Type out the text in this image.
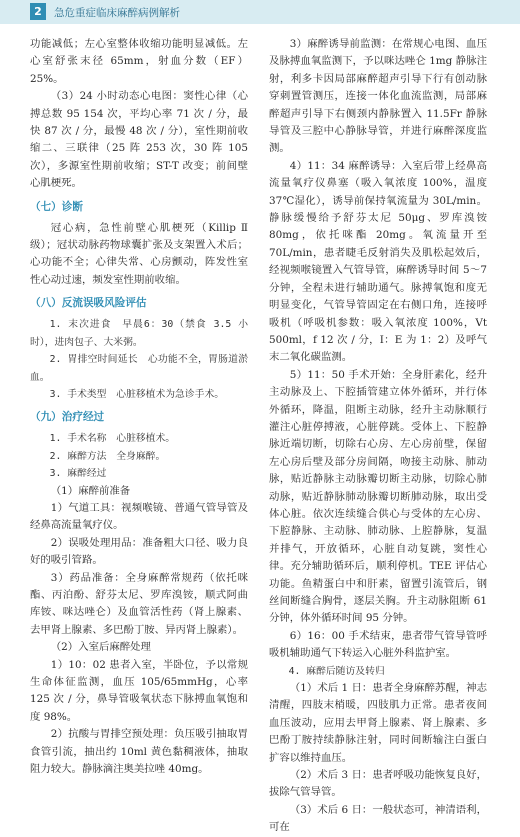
2	急危重症临床麻醉病例解析

功能减低；左心室整体收缩功能明显减低。左心室舒张末径 65mm，射血分数（EF）25%。

（3）24 小时动态心电图：窦性心律（心搏总数 95 154 次，平均心率 71 次 / 分，最快 87 次 / 分，最慢 48 次 / 分），室性期前收缩二、三联律（25 阵 253 次，30 阵 105 次），多源室性期前收缩；ST-T 改变；前间壁心肌梗死。

（七）诊断

冠心病，急性前壁心肌梗死（Killip Ⅱ级）；冠状动脉药物球囊扩张及支架置入术后；心功能不全；心律失常、心房颤动，阵发性室性心动过速，频发室性期前收缩。

（八）反流误吸风险评估

1. 末次进食　早晨6：30（禁食 3.5 小时），进肉包子、大米粥。

2. 胃排空时间延长　心功能不全，胃肠道淤血。

3. 手术类型　心脏移植术为急诊手术。

（九）治疗经过

1. 手术名称　心脏移植术。

2. 麻醉方法　全身麻醉。

3. 麻醉经过

（1）麻醉前准备

1）气道工具：视频喉镜、普通气管导管及经鼻高流量氧疗仪。

2）误吸处理用品：准备粗大口径、吸力良好的吸引管路。

3）药品准备：全身麻醉常规药（依托咪酯、丙泊酚、舒芬太尼、罗库溴铵，顺式阿曲库铵、咪达唑仑）及血管活性药（肾上腺素、去甲肾上腺素、多巴酚丁胺、异丙肾上腺素）。

（2）入室后麻醉处理

1）10：02 患者入室，半卧位，予以常规生命体征监测，血压 105/65mmHg，心率 125 次 / 分，鼻导管吸氧状态下脉搏血氧饱和度 98%。

2）抗酸与胃排空预处理：负压吸引抽取胃食管引流，抽出约 10ml 黄色黏稠液体，抽取阻力较大。静脉滴注奥美拉唑 40mg。

3）麻醉诱导前监测：在常规心电图、血压及脉搏血氧监测下，予以咪达唑仑 1mg 静脉注射，利多卡因局部麻醉超声引导下行有创动脉穿刺置管测压，连接一体化血流监测，局部麻醉超声引导下右侧颈内静脉置入 11.5Fr 静脉导管及三腔中心静脉导管，并进行麻醉深度监测。

4）11：34 麻醉诱导：入室后带上经鼻高流量氧疗仪鼻塞（吸入氧浓度 100%，温度 37℃湿化），诱导前保持氧流量为 30L/min。静脉缓慢给予舒芬太尼 50μg、罗库溴铵 80mg，依托咪酯 20mg。氧流量开至 70L/min，患者睫毛反射消失及肌松起效后，经视频喉镜置入气管导管，麻醉诱导时间 5～7 分钟，全程未进行辅助通气。脉搏氧饱和度无明显变化，气管导管固定在右侧口角，连接呼吸机（呼吸机参数：吸入氧浓度 100%，Vt 500ml，f 12 次 / 分，I：E 为 1：2）及呼气末二氧化碳监测。

5）11：50 手术开始：全身肝素化，经升主动脉及上、下腔插管建立体外循环，并行体外循环，降温，阻断主动脉，经升主动脉顺行灌注心脏停搏液，心脏停跳。受体上、下腔静脉近端切断，切除右心房、左心房前壁，保留左心房后壁及部分房间隔，吻接主动脉、肺动脉，贴近静脉主动脉瓣切断主动脉，切除心肺动脉，贴近静脉肺动脉瓣切断肺动脉，取出受体心脏。依次连续缝合供心与受体的左心房、下腔静脉、主动脉、肺动脉、上腔静脉，复温并排气，开放循环，心脏自动复跳，窦性心律。充分辅助循环后，顺利停机。TEE 评估心功能。鱼精蛋白中和肝素，留置引流管后，钢丝间断缝合胸骨，逐层关胸。升主动脉阻断 61 分钟，体外循环时间 95 分钟。

6）16：00 手术结束，患者带气管导管呼吸机辅助通气下转运入心脏外科监护室。

4. 麻醉后随访及转归

（1）术后 1 日：患者全身麻醉苏醒，神志清醒，四肢末梢暖，四肢肌力正常。患者夜间血压波动，应用去甲肾上腺素、肾上腺素、多巴酚丁胺持续静脉注射，同时间断输注白蛋白扩容以维持血压。

（2）术后 3 日：患者呼吸功能恢复良好，拔除气管导管。

（3）术后 6 日：一般状态可，神清语利，可在
